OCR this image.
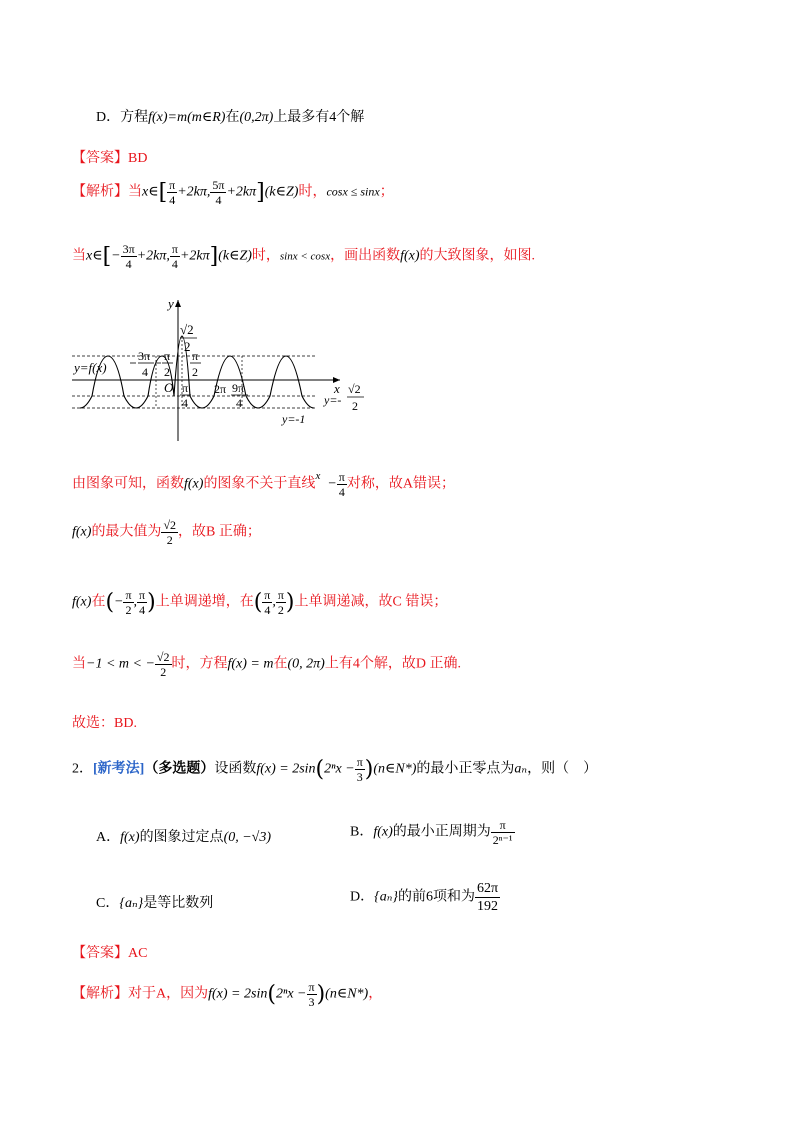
D．方程f(x)=m(m∈R)在(0,2π)上最多有4个解
【答案】BD
【解析】当x∈[ $\frac{\pi}{4} +2k\pi$, $\frac{5\pi}{4}$ +2kπ](k∈Z)时，cosx ≤ sinx；
当x∈[− $\frac{3\pi}{4} +2k\pi$, $\frac{\pi}{4}$ +2kπ](k∈Z)时，sinx < cosx，画出函数f(x)的大致图象，如图.
y
x
O
y=f(x)
√2
2
3π
4
π
2
π
2
π
4
2π 9π
4	y=-
√2
2
y=-1
由图象可知，函数f(x)的图象不关于直线$^x - \frac{\pi}{4}$ 对称，故A错误；
f(x)的最大值为 $\frac{√2}{2}$ ，故B 正确；
f(x)在(− $\frac{\pi}{2}$ , $\frac{\pi}{4}$ )上单调递增，在( $\frac{\pi}{4}$ , $\frac{\pi}{2}$ )上单调递减，故C 错误；
当−1 < m < − $\frac{√2}{2}$ 时，方程f(x) = m在(0, 2π)上有4个解，故D 正确.
故选：BD.
2．[新考法]（多选题）设函数$f(x) = 2\sin(2^nx - \frac{\pi}{3}$ )(n∈N*)的最小正零点为aₙ，则（　）
A．f(x)的图象过定点(0, −√3)	B．f(x)的最小正周期为 $\frac{\pi}{\text{2ⁿ⁻¹}}$
C．{aₙ}是等比数列	D．{aₙ}的前6项和为 $\frac{62\pi}{192}$
【答案】AC
【解析】对于A，因为$f(x) = 2\sin(2^nx - \frac{\pi}{3}$ )(n∈N*)，
